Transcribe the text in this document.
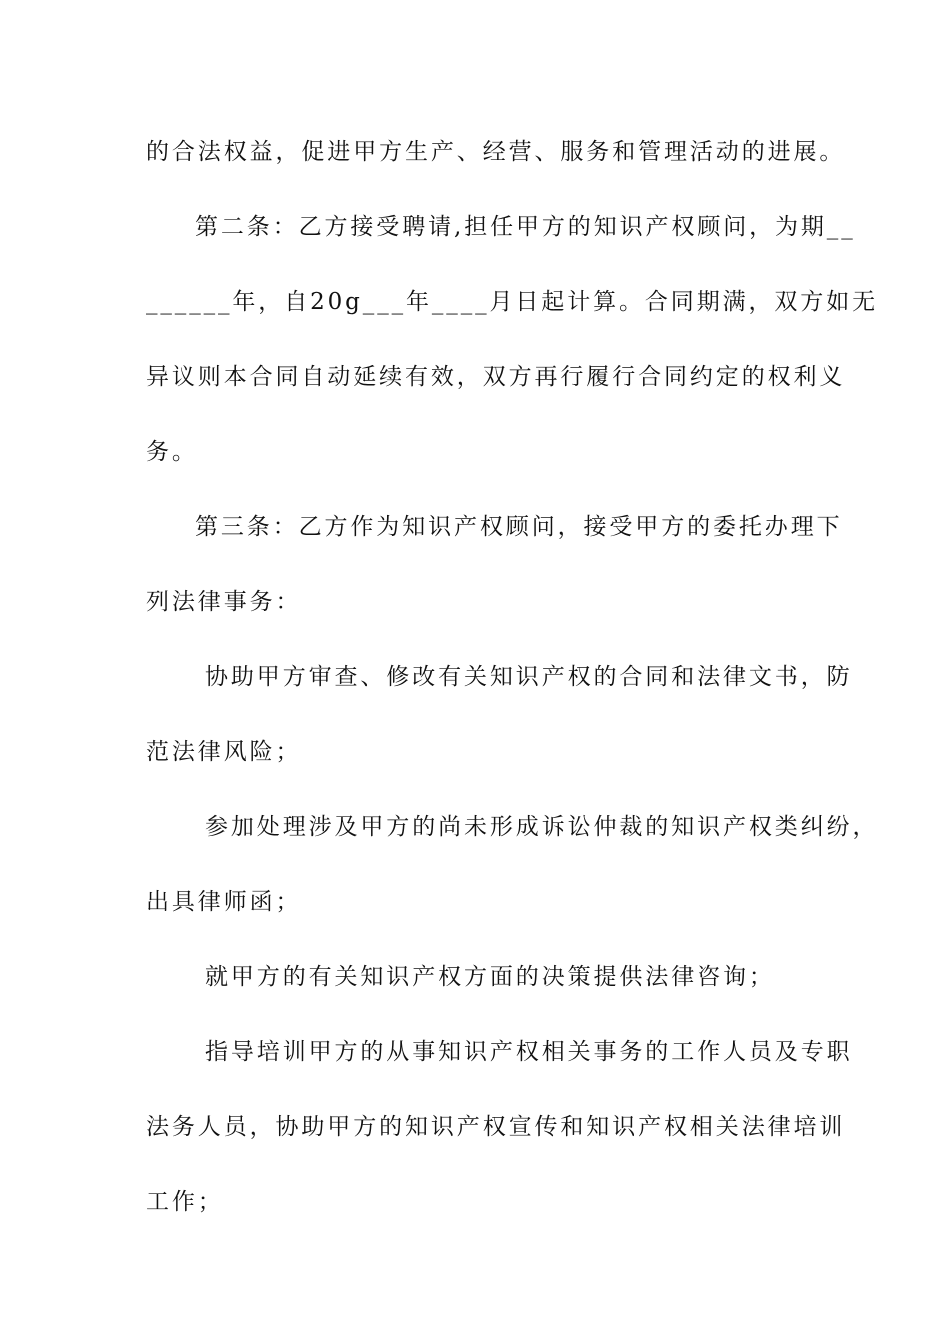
的合法权益，促进甲方生产、经营、服务和管理活动的进展。
第二条：乙方接受聘请,担任甲方的知识产权顾问，为期__
______年，自20g___年____月日起计算。合同期满，双方如无
异议则本合同自动延续有效，双方再行履行合同约定的权利义
务。
第三条：乙方作为知识产权顾问，接受甲方的委托办理下
列法律事务：
协助甲方审查、修改有关知识产权的合同和法律文书，防
范法律风险；
参加处理涉及甲方的尚未形成诉讼仲裁的知识产权类纠纷，
出具律师函；
就甲方的有关知识产权方面的决策提供法律咨询；
指导培训甲方的从事知识产权相关事务的工作人员及专职
法务人员，协助甲方的知识产权宣传和知识产权相关法律培训
工作；
